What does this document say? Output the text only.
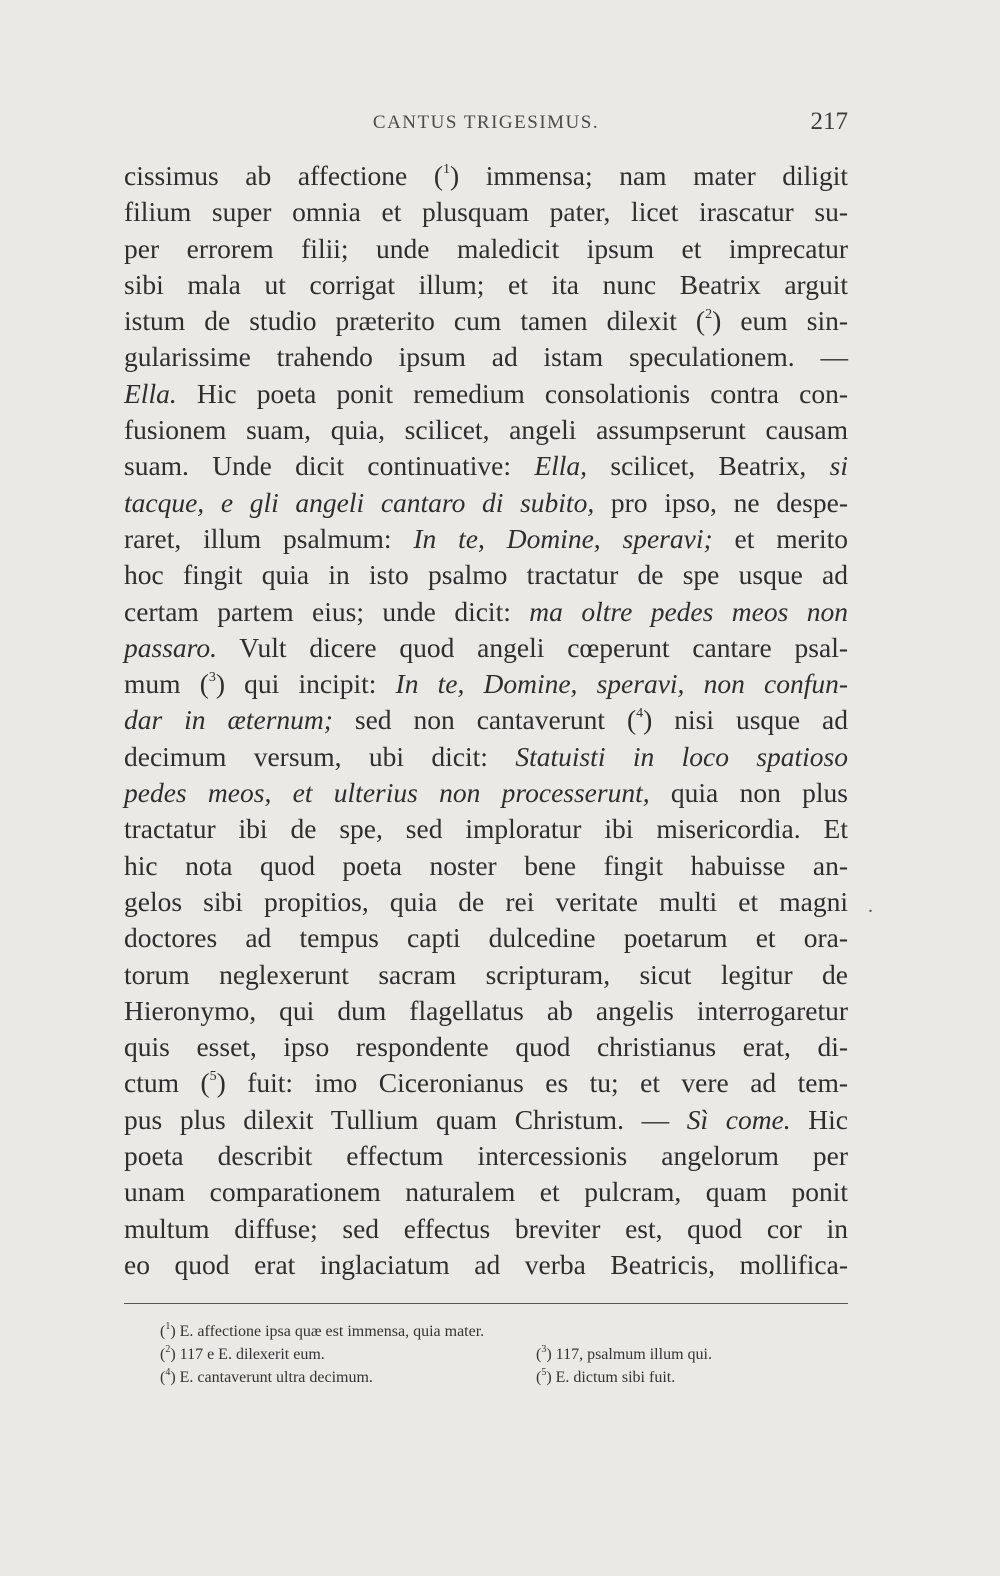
CANTUS TRIGESIMUS.	217
cissimus ab affectione ($^1$) immensa; nam mater diligit
filium super omnia et plusquam pater, licet irascatur su-
per errorem filii; unde maledicit ipsum et imprecatur
sibi mala ut corrigat illum; et ita nunc Beatrix arguit
istum de studio præterito cum tamen dilexit ($^2$) eum sin-
gularissime trahendo ipsum ad istam speculationem. —
Ella. Hic poeta ponit remedium consolationis contra con-
fusionem suam, quia, scilicet, angeli assumpserunt causam
suam. Unde dicit continuative: Ella, scilicet, Beatrix, si
tacque, e gli angeli cantaro di subito, pro ipso, ne despe-
raret, illum psalmum: In te, Domine, speravi; et merito
hoc fingit quia in isto psalmo tractatur de spe usque ad
certam partem eius; unde dicit: ma oltre pedes meos non
passaro. Vult dicere quod angeli cœperunt cantare psal-
mum ($^3$) qui incipit: In te, Domine, speravi, non confun-
dar in æternum; sed non cantaverunt ($^4$) nisi usque ad
decimum versum, ubi dicit: Statuisti in loco spatioso
pedes meos, et ulterius non processerunt, quia non plus
tractatur ibi de spe, sed imploratur ibi misericordia. Et
hic nota quod poeta noster bene fingit habuisse an-
gelos sibi propitios, quia de rei veritate multi et magni
doctores ad tempus capti dulcedine poetarum et ora-
torum neglexerunt sacram scripturam, sicut legitur de
Hieronymo, qui dum flagellatus ab angelis interrogaretur
quis esset, ipso respondente quod christianus erat, di-
ctum ($^5$) fuit: imo Ciceronianus es tu; et vere ad tem-
pus plus dilexit Tullium quam Christum. — Sì come. Hic
poeta describit effectum intercessionis angelorum per
unam comparationem naturalem et pulcram, quam ponit
multum diffuse; sed effectus breviter est, quod cor in
eo quod erat inglaciatum ad verba Beatricis, mollifica-
.
($^1$) E. affectione ipsa quæ est immensa, quia mater.
($^2$) 117 e E. dilexerit eum.	($^3$) 117, psalmum illum qui.
($^4$) E. cantaverunt ultra decimum.	($^5$) E. dictum sibi fuit.
